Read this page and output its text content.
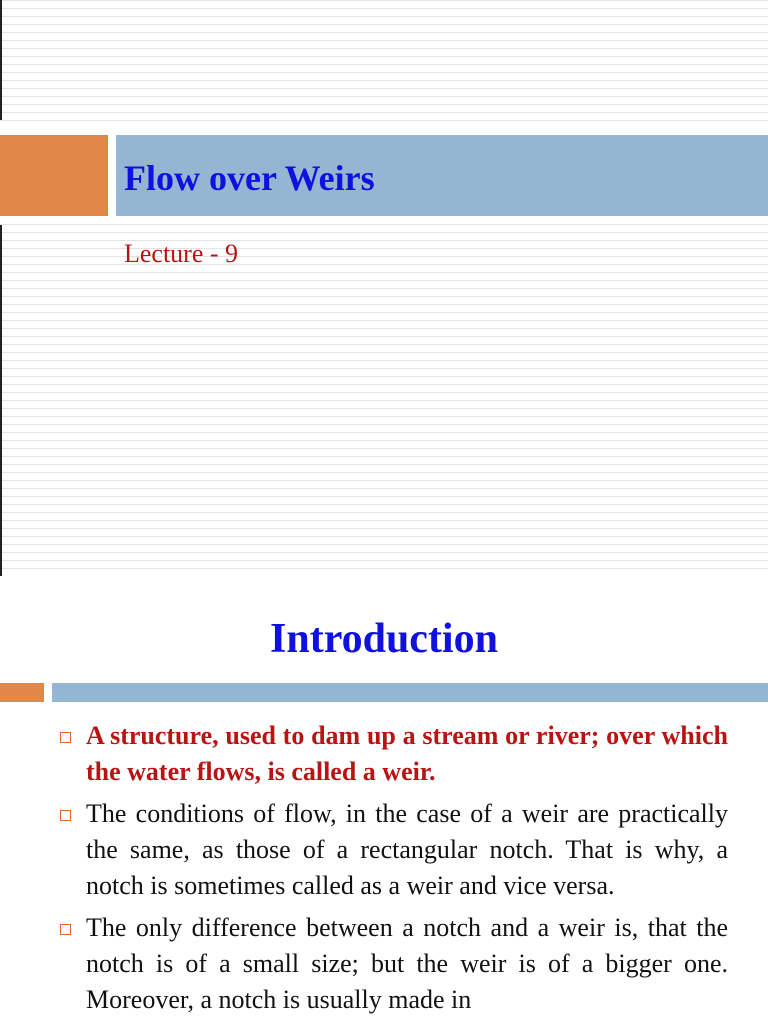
Flow over Weirs

Lecture - 9

Introduction
A structure, used to dam up a stream or river; over which the water flows, is called a weir.
The conditions of flow, in the case of a weir are practically the same, as those of a rectangular notch. That is why, a notch is sometimes called as a weir and vice versa.
The only difference between a notch and a weir is, that the notch is of a small size; but the weir is of a bigger one. Moreover, a notch is usually made in
